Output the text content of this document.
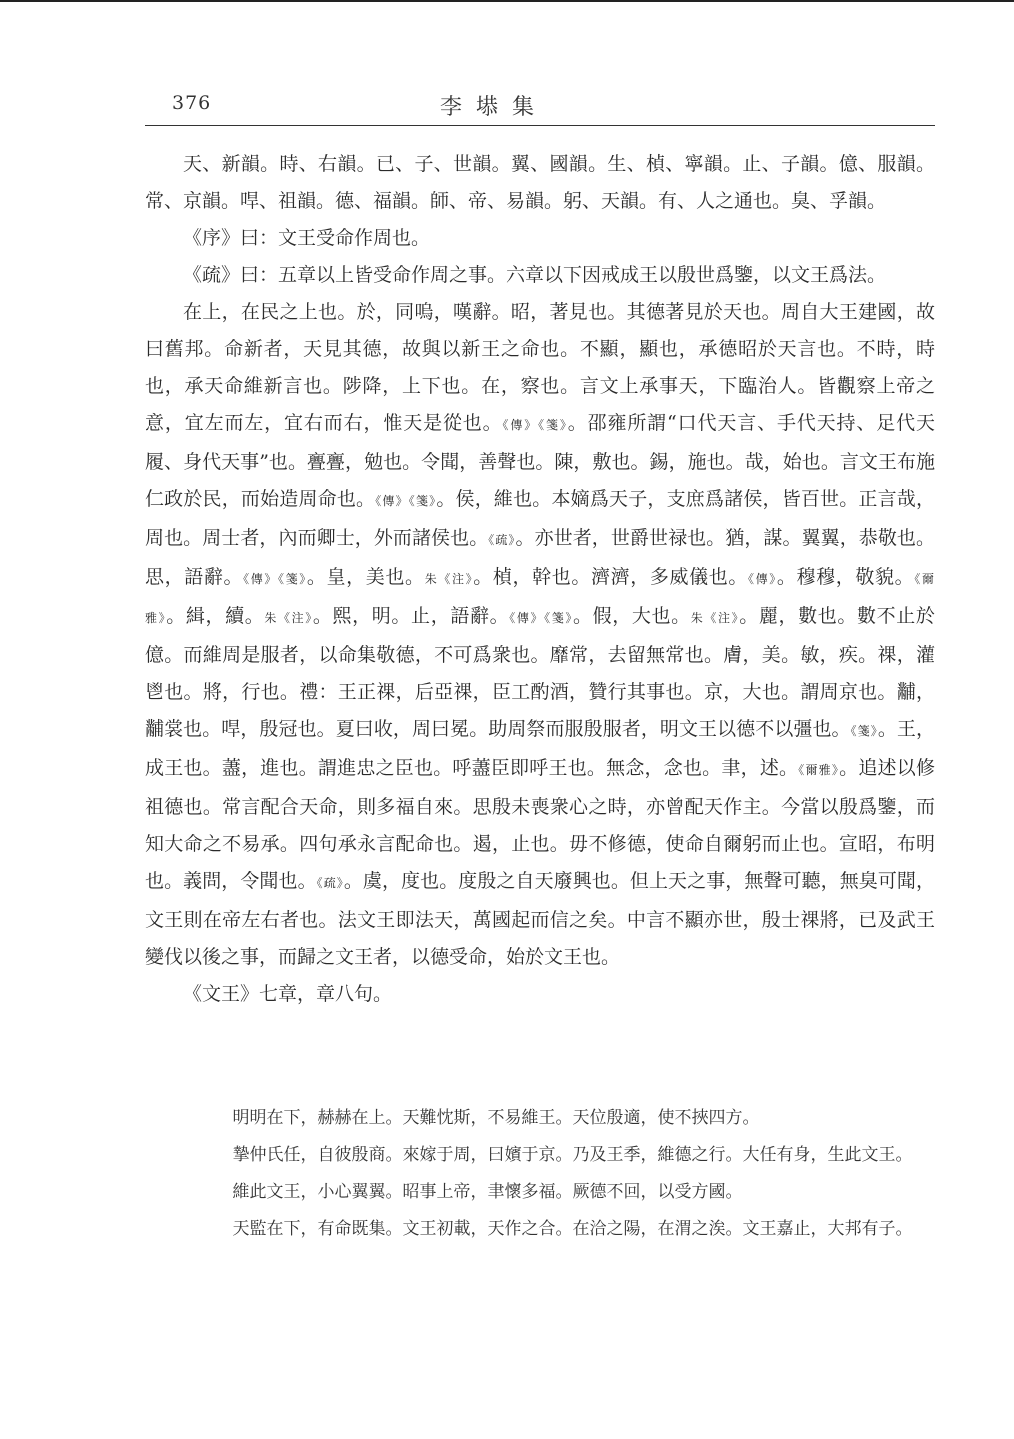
376	李塨集

天、新韻。時、右韻。已、子、世韻。翼、國韻。生、楨、寧韻。止、子韻。億、服韻。常、京韻。哻、祖韻。德、福韻。師、帝、易韻。躬、天韻。有、人之通也。臭、孚韻。

《序》曰：文王受命作周也。

《疏》曰：五章以上皆受命作周之事。六章以下因戒成王以殷世爲鑒，以文王爲法。

在上，在民之上也。於，同嗚，嘆辭。昭，著見也。其德著見於天也。周自大王建國，故曰舊邦。命新者，天見其德，故與以新王之命也。不顯，顯也，承德昭於天言也。不時，時也，承天命維新言也。陟降，上下也。在，察也。言文上承事天，下臨治人。皆觀察上帝之意，宜左而左，宜右而右，惟天是從也。《傳》《箋》。邵雍所謂“口代天言、手代天持、足代天履、身代天事”也。亹亹，勉也。令聞，善聲也。陳，敷也。錫，施也。哉，始也。言文王布施仁政於民，而始造周命也。《傳》《箋》。侯，維也。本嫡爲天子，支庶爲諸侯，皆百世。正言哉，周也。周士者，內而卿士，外而諸侯也。《疏》。亦世者，世爵世禄也。猶，謀。翼翼，恭敬也。思，語辭。《傳》《箋》。皇，美也。朱《注》。楨，幹也。濟濟，多威儀也。《傳》。穆穆，敬貌。《爾雅》。緝，續。朱《注》。熙，明。止，語辭。《傳》《箋》。假，大也。朱《注》。麗，數也。數不止於億。而維周是服者，以命集敬德，不可爲衆也。靡常，去留無常也。膚，美。敏，疾。祼，灌鬯也。將，行也。禮：王正祼，后亞祼，臣工酌酒，贊行其事也。京，大也。謂周京也。黼，黼裳也。哻，殷冠也。夏曰收，周曰冕。助周祭而服殷服者，明文王以德不以彊也。《箋》。王，成王也。藎，進也。謂進忠之臣也。呼藎臣即呼王也。無念，念也。聿，述。《爾雅》。追述以修祖德也。常言配合天命，則多福自來。思殷未喪衆心之時，亦曾配天作主。今當以殷爲鑒，而知大命之不易承。四句承永言配命也。遏，止也。毋不修德，使命自爾躬而止也。宣昭，布明也。義問，令聞也。《疏》。虞，度也。度殷之自天廢興也。但上天之事，無聲可聽，無臭可聞，文王則在帝左右者也。法文王即法天，萬國起而信之矣。中言不顯亦世，殷士祼將，已及武王變伐以後之事，而歸之文王者，以德受命，始於文王也。

《文王》七章，章八句。

明明在下，赫赫在上。天難忱斯，不易維王。天位殷適，使不挾四方。

摯仲氏任，自彼殷商。來嫁于周，曰嬪于京。乃及王季，維德之行。大任有身，生此文王。

維此文王，小心翼翼。昭事上帝，聿懷多福。厥德不回，以受方國。

天監在下，有命既集。文王初載，天作之合。在洽之陽，在渭之涘。文王嘉止，大邦有子。
